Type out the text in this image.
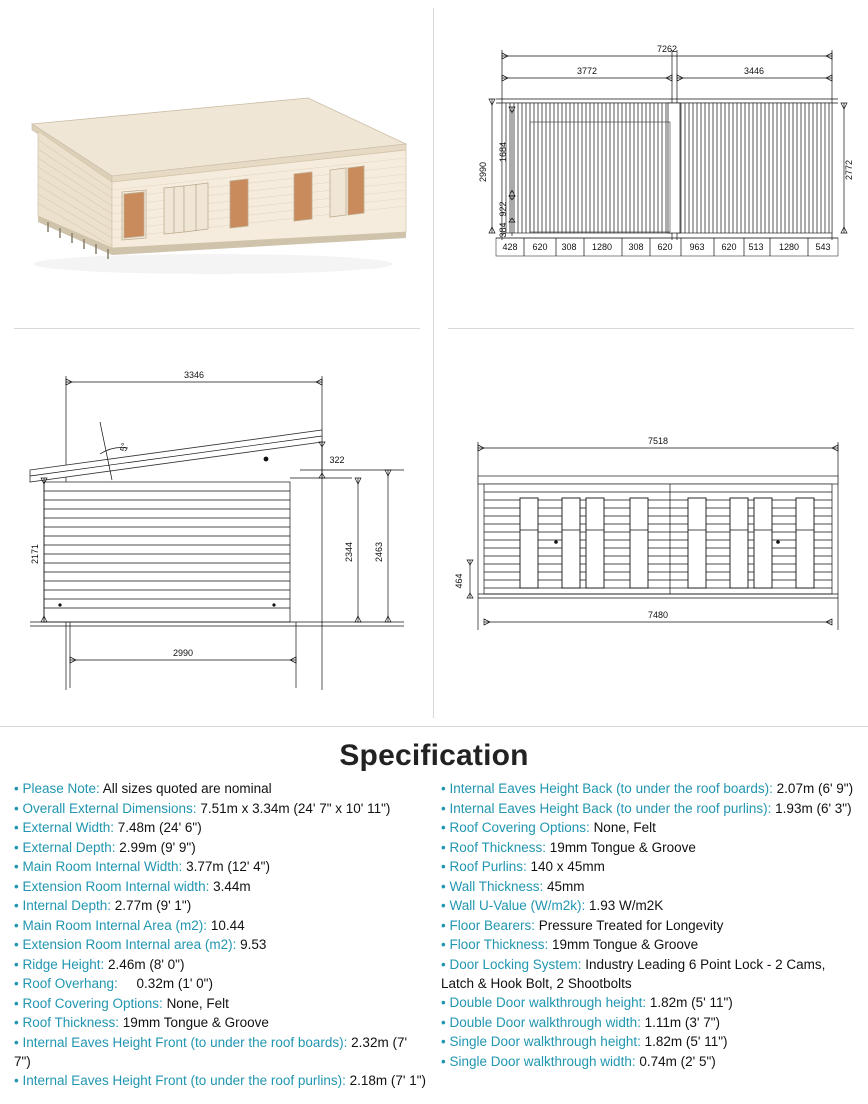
7262
3772	3446
2990
1684
922
384
2772
428 620 308 1280 308 620 963 620 513 1280 543
3346
5°
2171
322
2344 2463
2990
7518
464
7480
Specification

• Please Note: All sizes quoted are nominal

• Overall External Dimensions: 7.51m x 3.34m (24' 7" x 10' 11")

• External Width: 7.48m (24' 6")

• External Depth: 2.99m (9' 9")

• Main Room Internal Width: 3.77m (12' 4")

• Extension Room Internal width: 3.44m

• Internal Depth: 2.77m (9' 1")

• Main Room Internal Area (m2): 10.44

• Extension Room Internal area (m2): 9.53

• Ridge Height: 2.46m (8' 0")

• Roof Overhang: 0.32m (1' 0")

• Roof Covering Options: None, Felt

• Roof Thickness: 19mm Tongue & Groove

• Internal Eaves Height Front (to under the roof boards): 2.32m (7' 7")

• Internal Eaves Height Front (to under the roof purlins): 2.18m (7' 1")

• Internal Eaves Height Back (to under the roof boards): 2.07m (6' 9")

• Internal Eaves Height Back (to under the roof purlins): 1.93m (6' 3")

• Roof Covering Options: None, Felt

• Roof Thickness: 19mm Tongue & Groove

• Roof Purlins: 140 x 45mm

• Wall Thickness: 45mm

• Wall U-Value (W/m2k): 1.93 W/m2K

• Floor Bearers: Pressure Treated for Longevity

• Floor Thickness: 19mm Tongue & Groove

• Door Locking System: Industry Leading 6 Point Lock - 2 Cams, Latch & Hook Bolt, 2 Shootbolts

• Double Door walkthrough height: 1.82m (5' 11")

• Double Door walkthrough width: 1.11m (3' 7")

• Single Door walkthrough height: 1.82m (5' 11")

• Single Door walkthrough width: 0.74m (2' 5")
